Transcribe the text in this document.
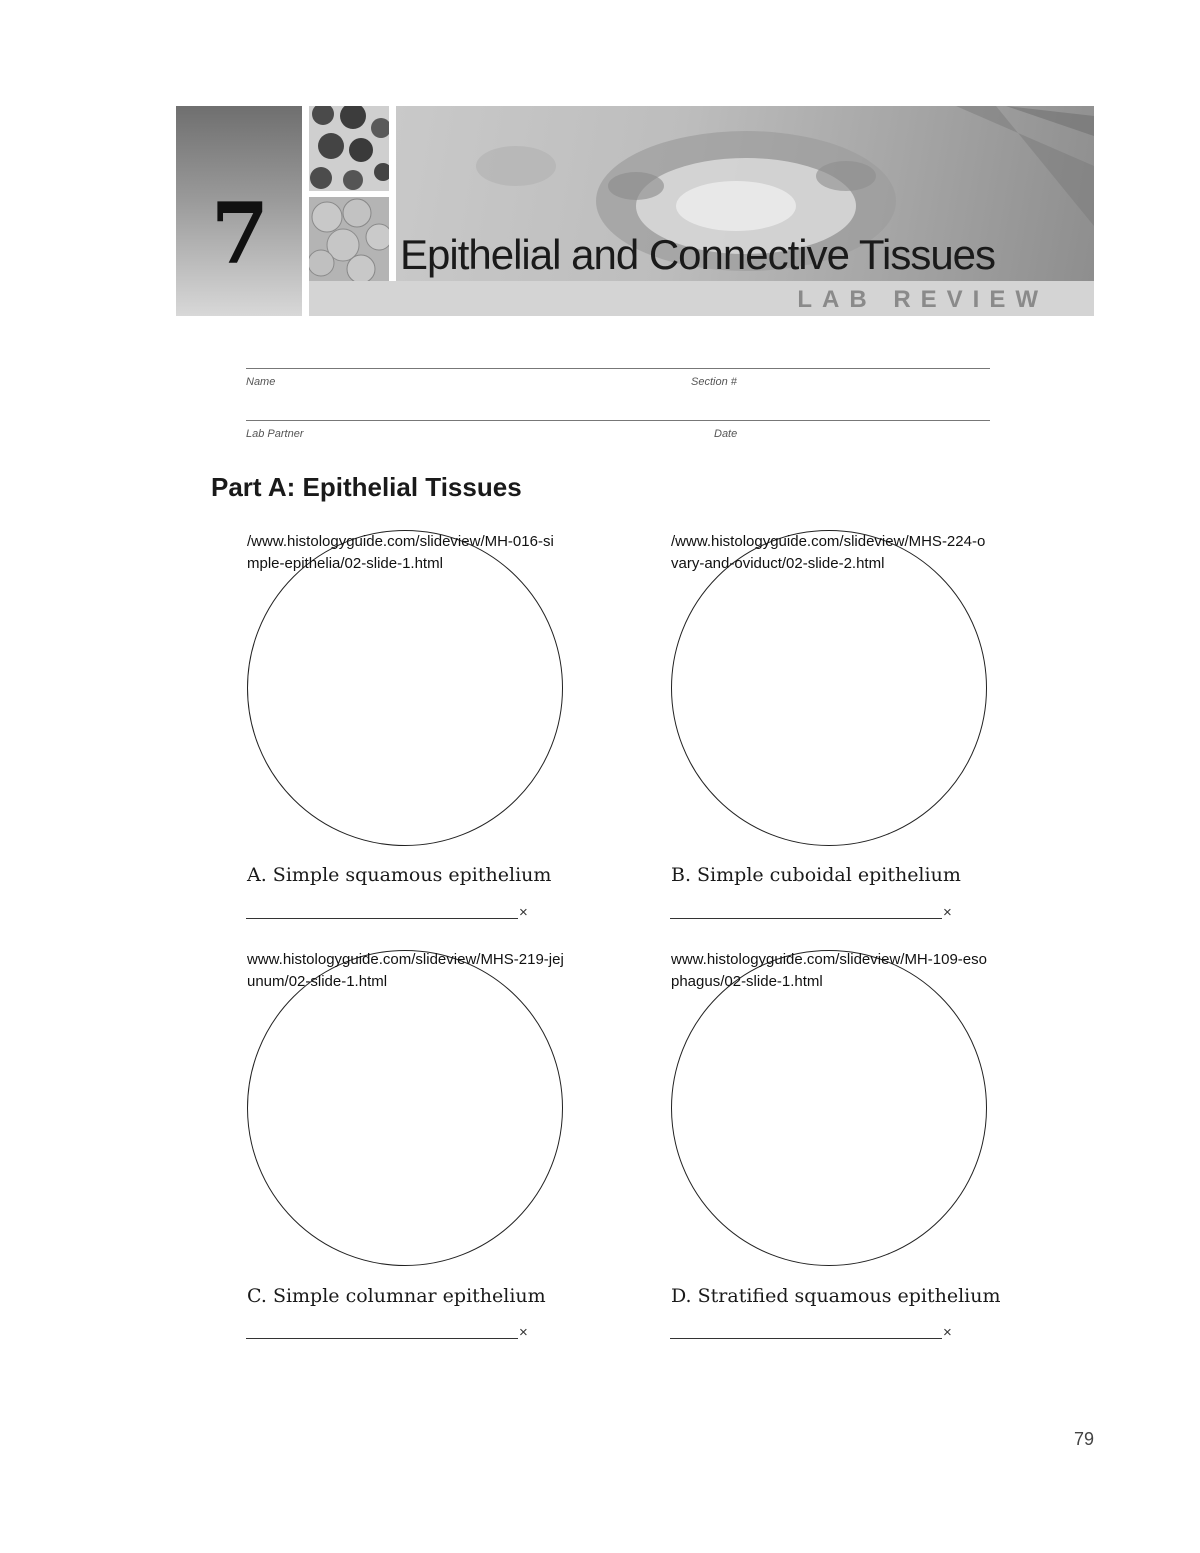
7	Epithelial and Connective Tissues
LAB REVIEW
Name	Section #
Lab Partner	Date
Part A: Epithelial Tissues
/www.histologyguide.com/slideview/MH-016-simple-epithelia/02-slide-1.html
A. Simple squamous epithelium
×
/www.histologyguide.com/slideview/MHS-224-ovary-and-oviduct/02-slide-2.html
B. Simple cuboidal epithelium
×
www.histologyguide.com/slideview/MHS-219-jejunum/02-slide-1.html
C. Simple columnar epithelium
×
www.histologyguide.com/slideview/MH-109-esophagus/02-slide-1.html
D. Stratified squamous epithelium
×
79
